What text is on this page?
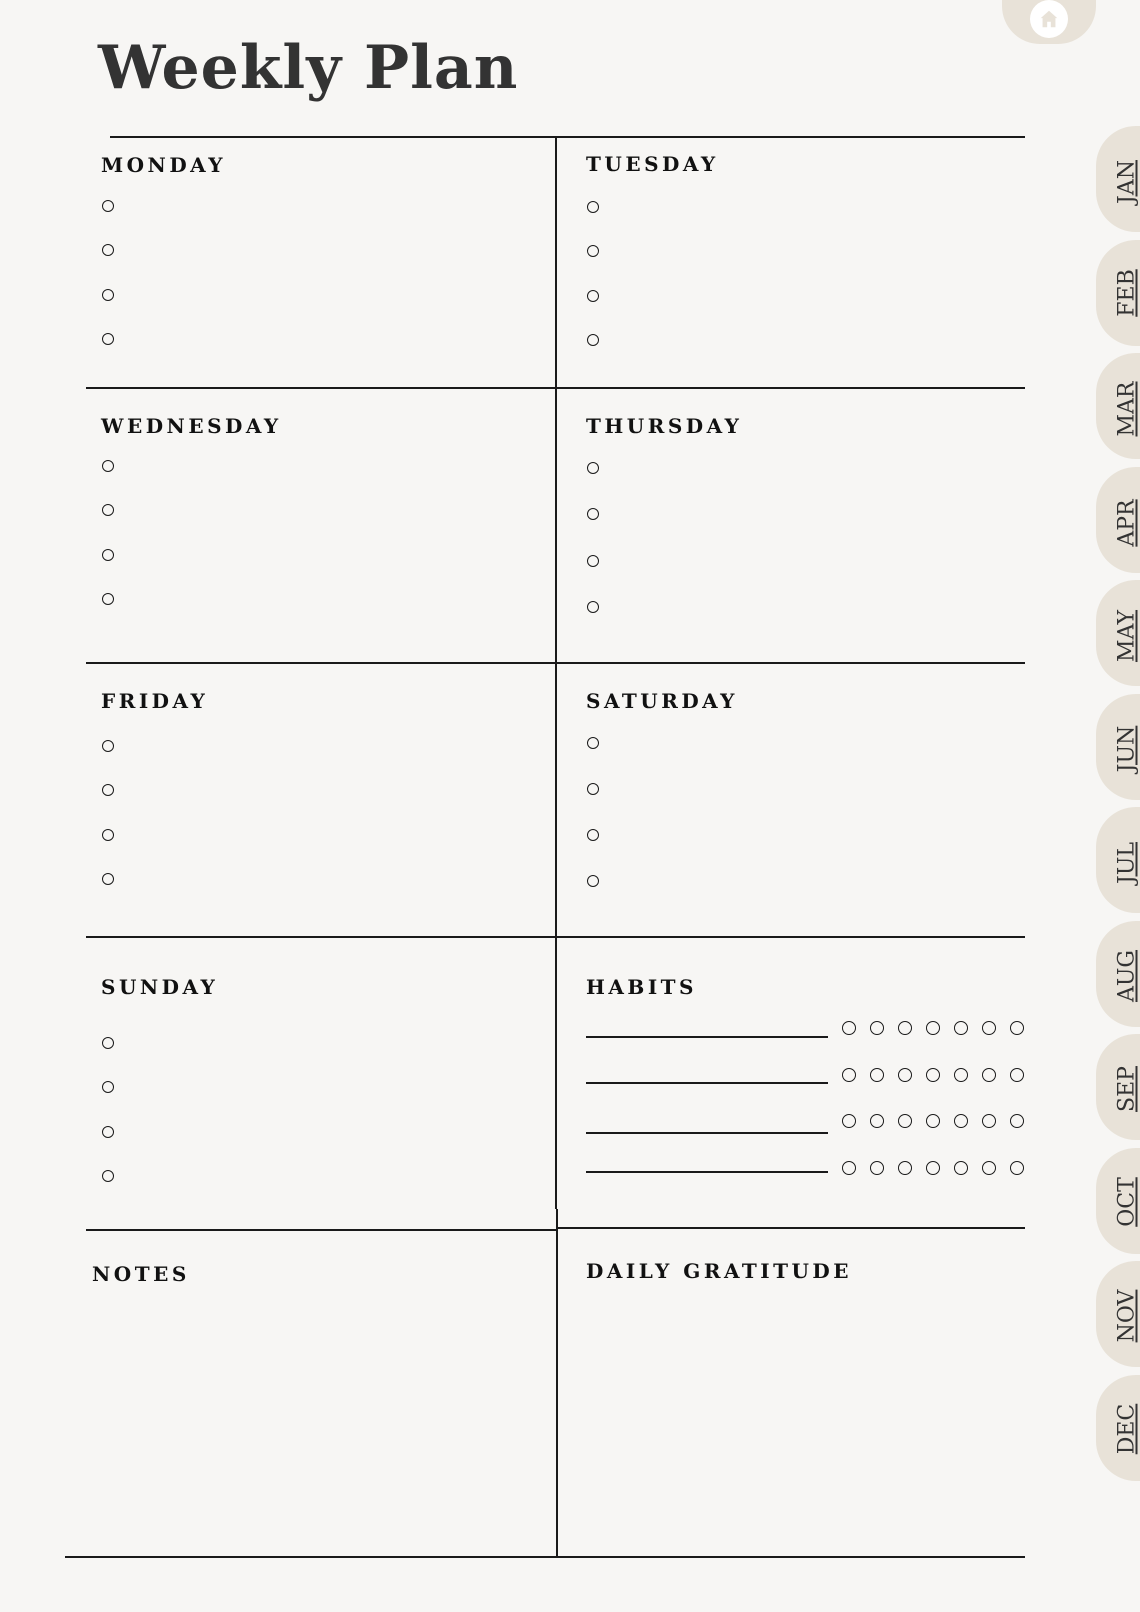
Weekly Plan
MONDAY	TUESDAY
WEDNESDAY	THURSDAY
FRIDAY	SATURDAY
SUNDAY	HABITS
NOTES	DAILY GRATITUDE
JAN
FEB
MAR
APR
MAY
JUN
JUL
AUG
SEP
OCT
NOV
DEC
